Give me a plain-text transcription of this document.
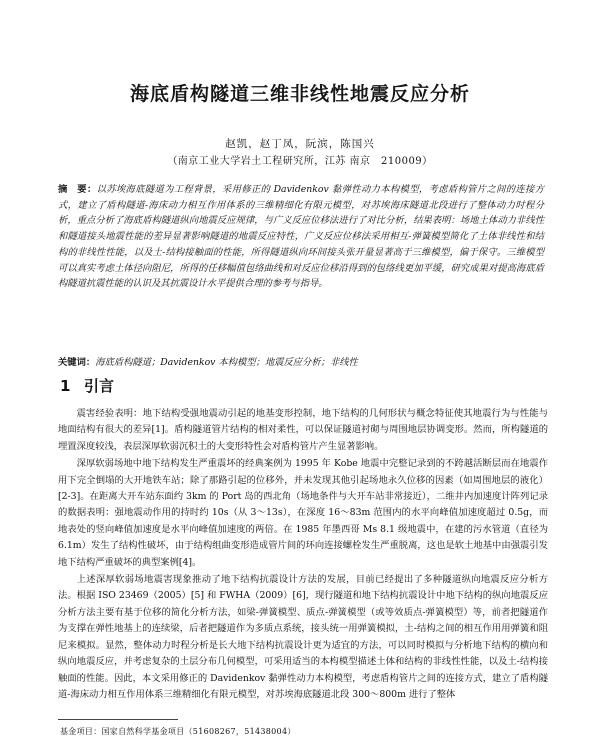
海底盾构隧道三维非线性地震反应分析
赵凯，赵丁凤，阮滨，陈国兴
（南京工业大学岩土工程研究所，江苏 南京　210009）
摘　要：以苏埃海底隧道为工程背景，采用修正的 Davidenkov 黏弹性动力本构模型，考虑盾构管片之间的连接方式，建立了盾构隧道-海床动力相互作用体系的三维精细化有限元模型，对苏埃海床隧道北段进行了整体动力时程分析，重点分析了海底盾构隧道纵向地震反应规律，与广义反应位移法进行了对比分析，结果表明：场地土体动力非线性和隧道接头地震性能的差异显著影响隧道的地震反应特性，广义反应位移法采用相互-弹簧模型简化了土体非线性和结构的非线性性能，以及土-结构接触面的性能，所得隧道纵向环间接头张开量显著高于三维模型，偏于保守。三维模型可以真实考虑土体径向阻尼，所得的任移幅值包络曲线和对反应位移沿得到的包络线更加平缓，研究成果对提高海底盾构隧道抗震性能的认识及其抗震设计水平提供合理的参考与指导。
关键词：海底盾构隧道；Davidenkov 本构模型；地震反应分析；非线性
1 引言

震害经验表明：地下结构受强地震动引起的地基变形控制，地下结构的几何形状与概念特征使其地震行为与性能与地面结构有很大的差异[1]。盾构隧道管片结构的相对柔性，可以保证隧道衬砌与周围地层协调变形。然而，所构隧道的埋置深度较浅，表层深厚软弱沉积土的大变形特性会对盾构管片产生显著影响。

深厚软弱场地中地下结构发生严重震坏的经典案例为 1995 年 Kobe 地震中完整记录到的不跨越活断层而在地震作用下完全倒塌的大开地铁车站；除了那路引起的位移外，并未发现其他引起场地永久位移的因素（如周围地层的液化）[2-3]。在距离大开车站东面约 3km 的 Port 岛的西北角（场地条件与大开车站非常接近），二维井内加速度计阵列记录的数据表明：强地震动作用的持时约 10s（从 3～13s），在深度 16～83m 范围内的水平向峰值加速度超过 0.5g，而地表处的竖向峰值加速度是水平向峰值加速度的两倍。在 1985 年墨西哥 Ms 8.1 级地震中，在建的污水管道（直径为 6.1m）发生了结构性破坏，由于结构组曲变形造成管片间的环向连接螺栓发生严重脱离，这也是软土地基中由强震引发地下结构严重破坏的典型案例[4]。

上述深厚软弱场地震害现象推动了地下结构抗震设计方法的发展，目前已经提出了多种隧道纵向地震反应分析方法。根据 ISO 23469（2005）[5] 和 FWHA（2009）[6]，现行隧道和地下结构抗震设计中地下结构的纵向地震反应分析方法主要有基于位移的简化分析方法，如梁-弹簧模型、质点-弹簧模型（或等效质点-弹簧模型）等，前者把隧道作为支撑在弹性地基上的连续梁，后者把隧道作为多质点系统，接头统一用弹簧模拟，土-结构之间的相互作用用弹簧和阻尼来模拟。显然，整体动力时程分析是长大地下结构抗震设计更为适宜的方法，可以同时模拟与分析地下结构的横向和纵向地震反应，并考虑复杂的土层分布几何模型，可采用适当的本构模型描述土体和结构的非线性性能，以及土-结构接触面的性能。因此，本文采用修正的 Davidenkov 黏弹性动力本构模型，考虑盾构管片之间的连接方式，建立了盾构隧道-海床动力相互作用体系三维精细化有限元模型，对苏埃海底隧道北段 300～800m 进行了整体

基金项目：国家自然科学基金项目（51608267，51438004）
